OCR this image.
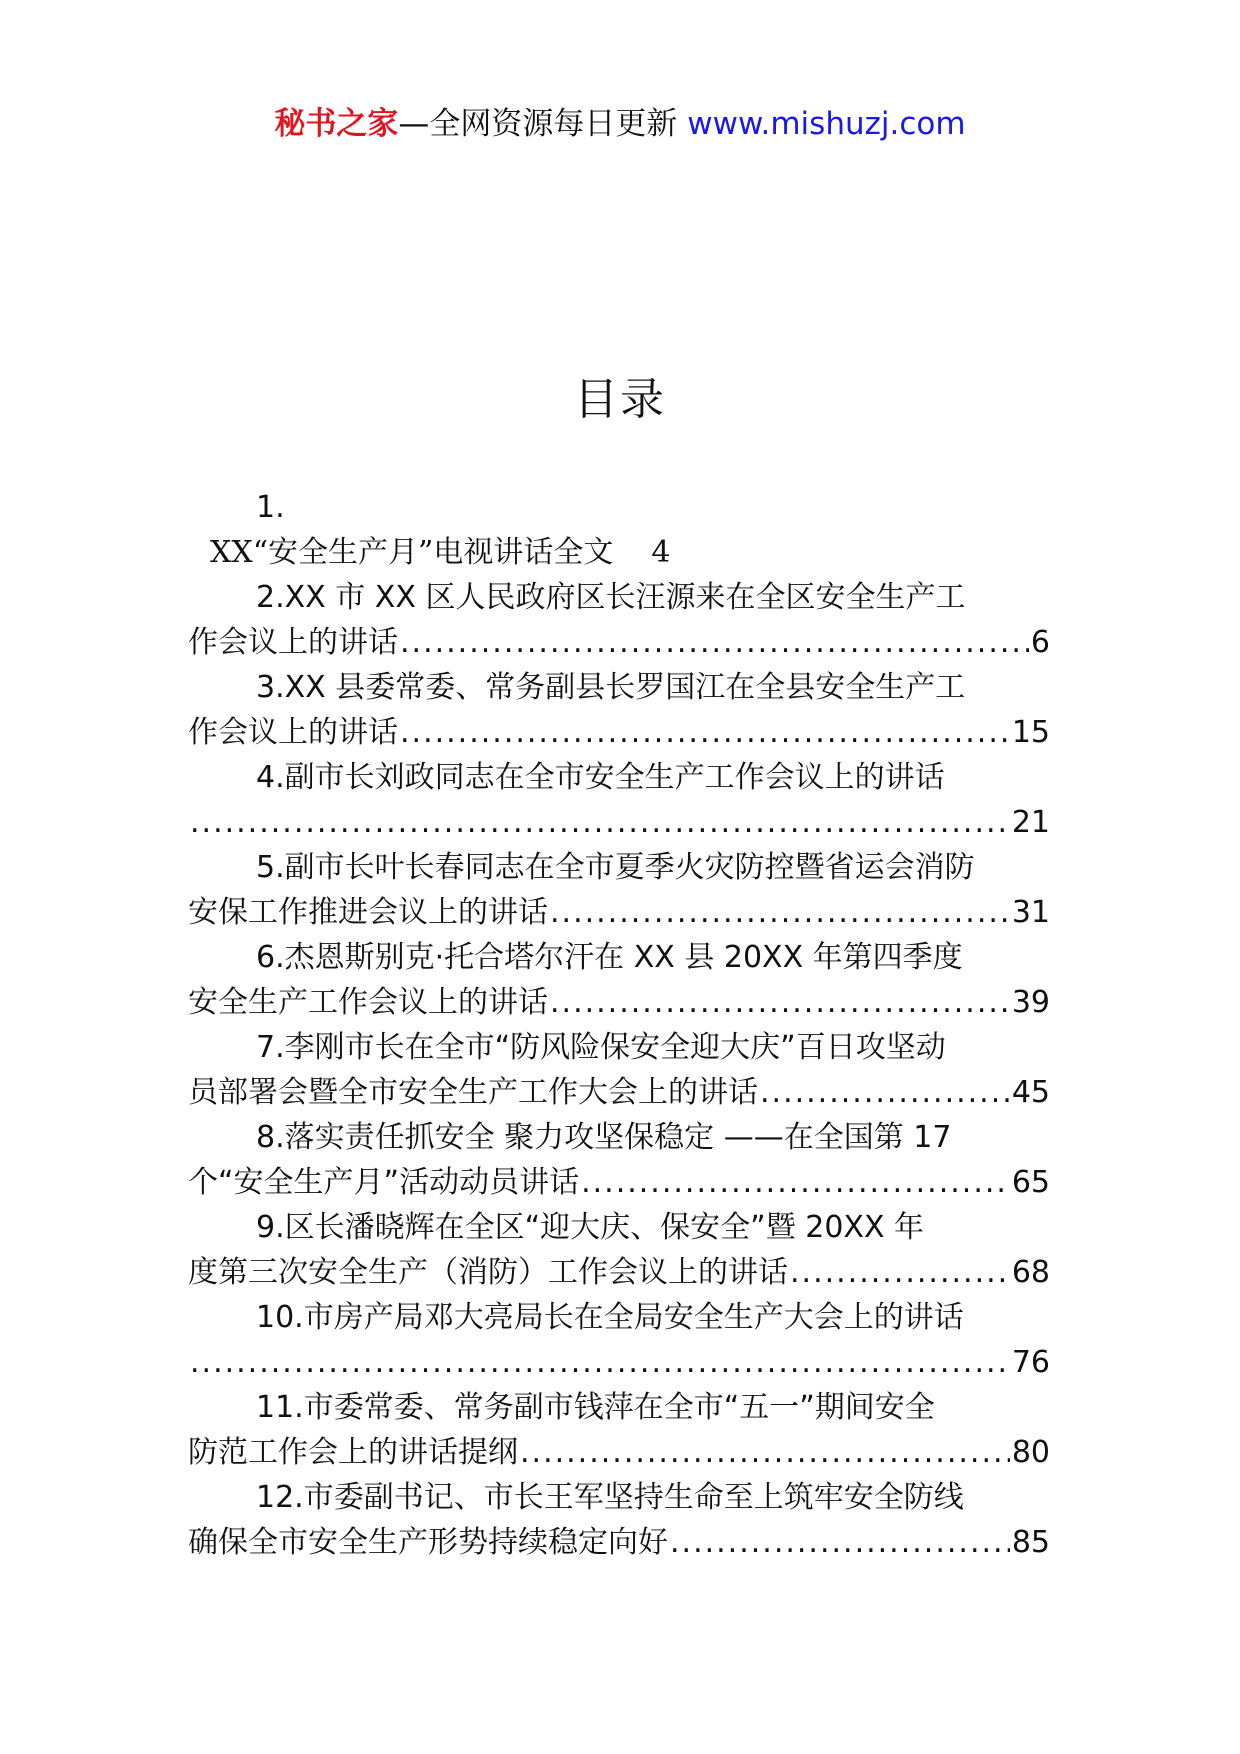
秘书之家—全网资源每日更新 www.mishuzj.com
目录
1.
XX“安全生产月”电视讲话全文 4
2.XX 市 XX 区人民政府区长汪源来在全区安全生产工
作会议上的讲话 .....	6
3.XX 县委常委、常务副县长罗国江在全县安全生产工
作会议上的讲话 .....	15
4.副市长刘政同志在全市安全生产工作会议上的讲话
.....
21
5.副市长叶长春同志在全市夏季火灾防控暨省运会消防
安保工作推进会议上的讲话 .....	31
6.杰恩斯别克·托合塔尔汗在 XX 县 20XX 年第四季度
安全生产工作会议上的讲话 .....	39
7.李刚市长在全市“防风险保安全迎大庆”百日攻坚动
员部署会暨全市安全生产工作大会上的讲话 .....	45
8.落实责任抓安全 聚力攻坚保稳定 ——在全国第 17
个“安全生产月”活动动员讲话 .....	65
9.区长潘晓辉在全区“迎大庆、保安全”暨 20XX 年
度第三次安全生产（消防）工作会议上的讲话 .....	68
10.市房产局邓大亮局长在全局安全生产大会上的讲话
.....
76
11.市委常委、常务副市钱萍在全市“五一”期间安全
防范工作会上的讲话提纲 .....	80
12.市委副书记、市长王军坚持生命至上筑牢安全防线
确保全市安全生产形势持续稳定向好 .....	85
